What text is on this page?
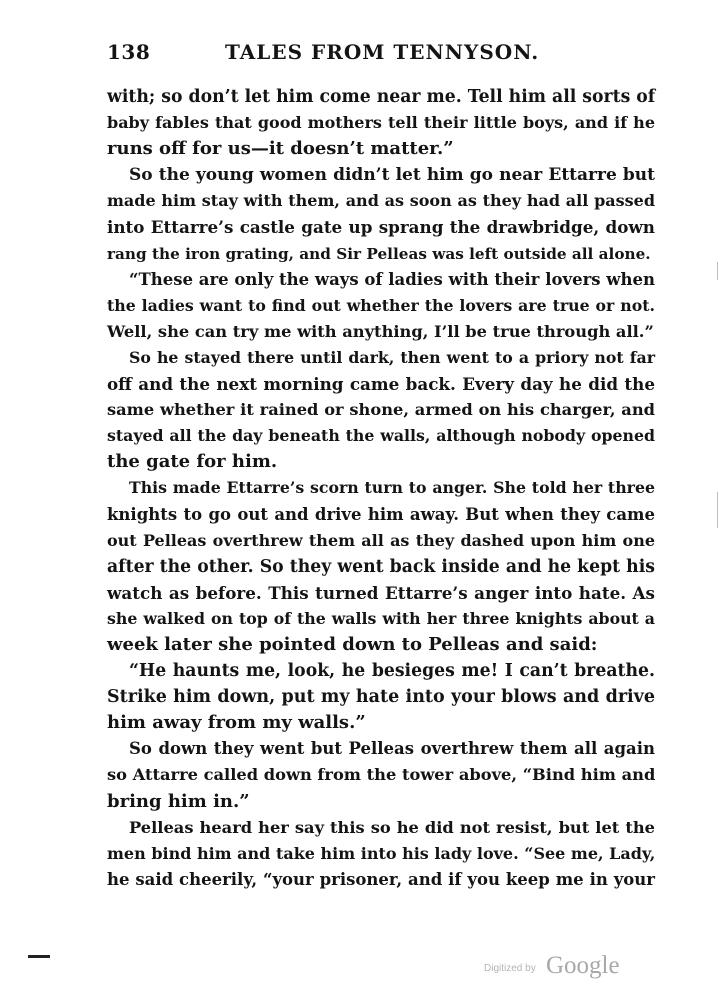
138	TALES FROM TENNYSON.
with; so don’t let him come near me. Tell him all sorts of
baby fables that good mothers tell their little boys, and if he
runs off for us—it doesn’t matter.”
So the young women didn’t let him go near Ettarre but
made him stay with them, and as soon as they had all passed
into Ettarre’s castle gate up sprang the drawbridge, down
rang the iron grating, and Sir Pelleas was left outside all alone.
“These are only the ways of ladies with their lovers when
the ladies want to find out whether the lovers are true or not.
Well, she can try me with anything, I’ll be true through all.”
So he stayed there until dark, then went to a priory not far
off and the next morning came back. Every day he did the
same whether it rained or shone, armed on his charger, and
stayed all the day beneath the walls, although nobody opened
the gate for him.
This made Ettarre’s scorn turn to anger. She told her three
knights to go out and drive him away. But when they came
out Pelleas overthrew them all as they dashed upon him one
after the other. So they went back inside and he kept his
watch as before. This turned Ettarre’s anger into hate. As
she walked on top of the walls with her three knights about a
week later she pointed down to Pelleas and said:
“He haunts me, look, he besieges me! I can’t breathe.
Strike him down, put my hate into your blows and drive
him away from my walls.”
So down they went but Pelleas overthrew them all again
so Attarre called down from the tower above, “Bind him and
bring him in.”
Pelleas heard her say this so he did not resist, but let the
men bind him and take him into his lady love. “See me, Lady,
he said cheerily, “your prisoner, and if you keep me in your
Digitized by Google
